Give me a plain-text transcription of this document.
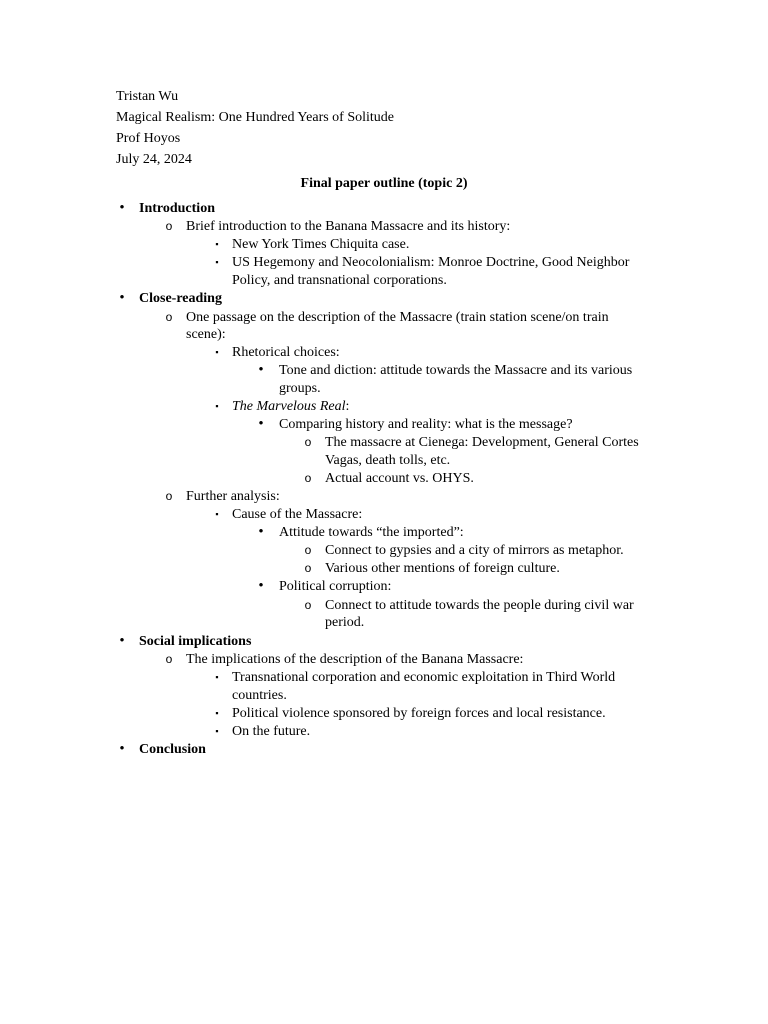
Tristan Wu
Magical Realism: One Hundred Years of Solitude
Prof Hoyos
July 24, 2024
Final paper outline (topic 2)
•	Introduction
o Brief introduction to the Banana Massacre and its history:
▪ New York Times Chiquita case.
▪ US Hegemony and Neocolonialism: Monroe Doctrine, Good Neighbor Policy, and transnational corporations.
•	Close-reading
o One passage on the description of the Massacre (train station scene/on train scene):
▪ Rhetorical choices:
•	Tone and diction: attitude towards the Massacre and its various groups.
▪ The Marvelous Real:
•	Comparing history and reality: what is the message?
o The massacre at Cienega: Development, General Cortes Vagas, death tolls, etc.
o Actual account vs. OHYS.
o Further analysis:
▪ Cause of the Massacre:
•	Attitude towards “the imported”:
o Connect to gypsies and a city of mirrors as metaphor.
o Various other mentions of foreign culture.
•	Political corruption:
o Connect to attitude towards the people during civil war period.
•	Social implications
o The implications of the description of the Banana Massacre:
▪ Transnational corporation and economic exploitation in Third World countries.
▪ Political violence sponsored by foreign forces and local resistance.
▪ On the future.
•	Conclusion
